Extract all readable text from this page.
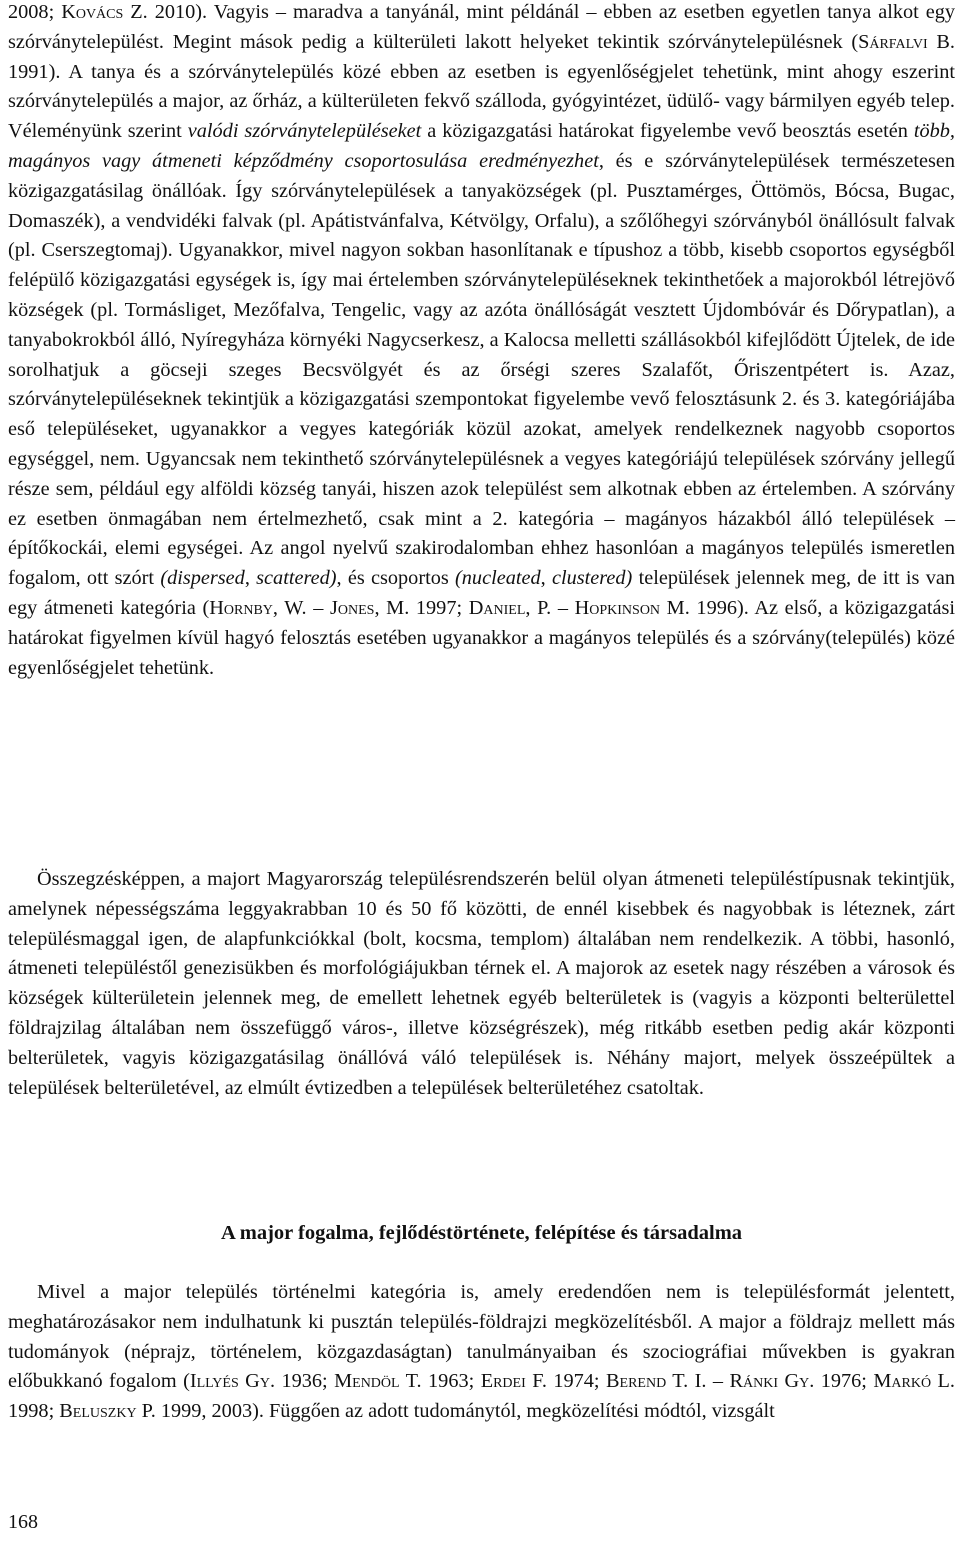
2008; Kovács Z. 2010). Vagyis – maradva a tanyánál, mint példánál – ebben az esetben egyetlen tanya alkot egy szórványtelepülést. Megint mások pedig a külterületi lakott helyeket tekintik szórványtelepülésnek (Sárfalvi B. 1991). A tanya és a szórványtelepülés közé ebben az esetben is egyenlőségjelet tehetünk, mint ahogy eszerint szórványtelepülés a major, az őrház, a külterületen fekvő szálloda, gyógyintézet, üdülő- vagy bármilyen egyéb telep. Véleményünk szerint valódi szórványtelepüléseket a közigazgatási határokat figyelembe vevő beosztás esetén több, magányos vagy átmeneti képződmény csoportosulása eredményezhet, és e szórványtelepülések természetesen közigazgatásilag önállóak. Így szórványtelepülések a tanyaközségek (pl. Pusztamérges, Öttömös, Bócsa, Bugac, Domaszék), a vendvidéki falvak (pl. Apátistvánfalva, Kétvölgy, Orfalu), a szőlőhegyi szórványból önállósult falvak (pl. Cserszegtomaj). Ugyanakkor, mivel nagyon sokban hasonlítanak e típushoz a több, kisebb csoportos egységből felépülő közigazgatási egységek is, így mai értelemben szórványtelepüléseknek tekinthetőek a majorokból létrejövő községek (pl. Tormásliget, Mezőfalva, Tengelic, vagy az azóta önállóságát vesztett Újdombóvár és Dőrypatlan), a tanyabokrokból álló, Nyíregyháza környéki Nagycserkesz, a Kalocsa melletti szállásokból kifejlődött Újtelek, de ide sorolhatjuk a göcseji szeges Becsvölgyét és az őrségi szeres Szalafőt, Őriszentpétert is. Azaz, szórványtelepüléseknek tekintjük a közigazgatási szempontokat figyelembe vevő felosztásunk 2. és 3. kategóriájába eső településeket, ugyanakkor a vegyes kategóriák közül azokat, amelyek rendelkeznek nagyobb csoportos egységgel, nem. Ugyancsak nem tekinthető szórványtelepülésnek a vegyes kategóriájú települések szórvány jellegű része sem, például egy alföldi község tanyái, hiszen azok települést sem alkotnak ebben az értelemben. A szórvány ez esetben önmagában nem értelmezhető, csak mint a 2. kategória – magányos házakból álló települések – építőkockái, elemi egységei. Az angol nyelvű szakirodalomban ehhez hasonlóan a magányos település ismeretlen fogalom, ott szórt (dispersed, scattered), és csoportos (nucleated, clustered) települések jelennek meg, de itt is van egy átmeneti kategória (Hornby, W. – Jones, M. 1997; Daniel, P. – Hopkinson M. 1996). Az első, a közigazgatási határokat figyelmen kívül hagyó felosztás esetében ugyanakkor a magányos település és a szórvány(település) közé egyenlőségjelet tehetünk.

Összegzésképpen, a majort Magyarország településrendszerén belül olyan átmeneti településtípusnak tekintjük, amelynek népességszáma leggyakrabban 10 és 50 fő közötti, de ennél kisebbek és nagyobbak is léteznek, zárt településmaggal igen, de alapfunkciókkal (bolt, kocsma, templom) általában nem rendelkezik. A többi, hasonló, átmeneti településtől genezisükben és morfológiájukban térnek el. A majorok az esetek nagy részében a városok és községek külterületein jelennek meg, de emellett lehetnek egyéb belterületek is (vagyis a központi belterülettel földrajzilag általában nem összefüggő város-, illetve községrészek), még ritkább esetben pedig akár központi belterületek, vagyis közigazgatásilag önállóvá váló települések is. Néhány majort, melyek összeépültek a települések belterületével, az elmúlt évtizedben a települések belterületéhez csatoltak.

A major fogalma, fejlődéstörténete, felépítése és társadalma

Mivel a major település történelmi kategória is, amely eredendően nem is településformát jelentett, meghatározásakor nem indulhatunk ki pusztán település-földrajzi megközelítésből. A major a földrajz mellett más tudományok (néprajz, történelem, közgazdaságtan) tanulmányaiban és szociográfiai művekben is gyakran előbukkanó fogalom (Illyés Gy. 1936; Mendöl T. 1963; Erdei F. 1974; Berend T. I. – Ránki Gy. 1976; Markó L. 1998; Beluszky P. 1999, 2003). Függően az adott tudománytól, megközelítési módtól, vizsgált

168
